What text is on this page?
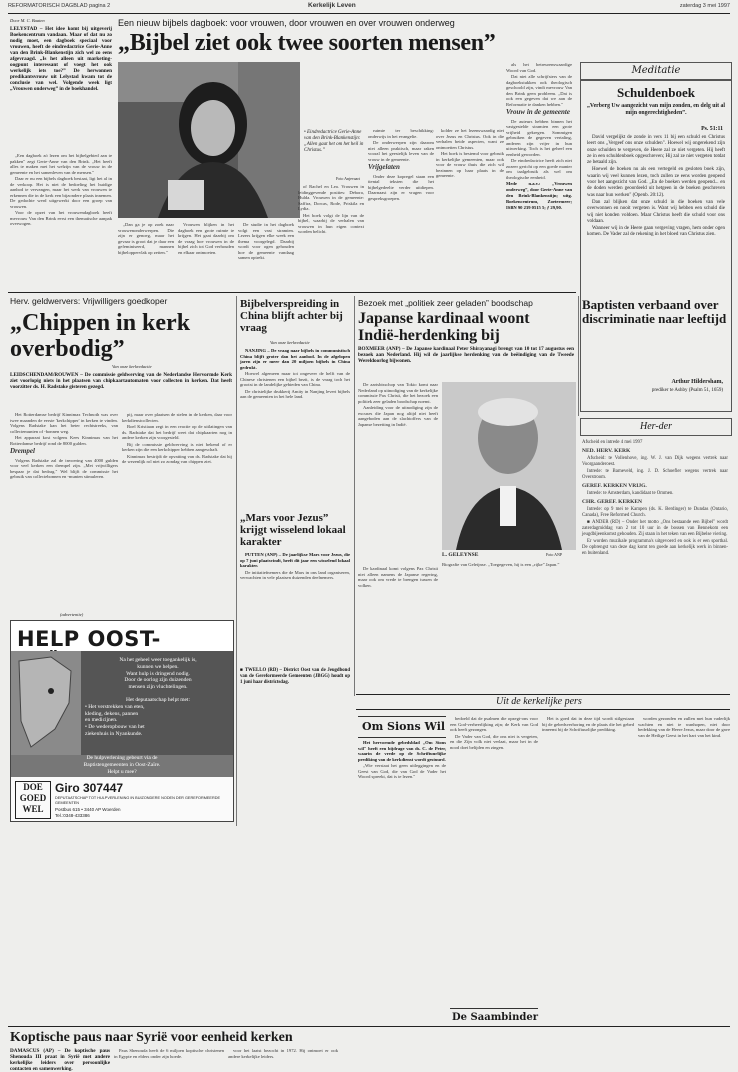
REFORMATORISCH DAGBLAD pagina 2	Kerkelijk Leven	zaterdag 3 mei 1997
Een nieuw bijbels dagboek: voor vrouwen, door vrouwen en over vrouwen onderweg
„Bijbel ziet ook twee soorten mensen”
Door M. C. Baaten
LELYSTAD – Het idee komt bij uitgeverij Boekencentrum vandaan. Maar of dat nu zo nodig moet, een dagboek speciaal voor vrouwen, heeft de eindredactrice Gerie-Anne van den Brink-Blankenstijn zich wel zo eens afgevraagd. „Is het alleen uit marketing-oogpunt interessant of voegt het ook werkelijk iets toe?” De herwonnen predikantsvrouw uit Lelystad kwam tot de conclusie van wel. Volgende week ligt „Vrouwen onderweg” in de boekhandel.

„Een dagboek zó lezen om het bijbelgebied aan te pakken" zegt Gerie-Anne van den Brink. „Het heeft alles te maken met het welzijn van de vrouw in de gemeente en het samenleven van de mensen."

Daar er nu een bijbels dagboek bestaat, ligt het al in de verkoop. Het is niet de bedoeling het huidige aanbod te vervangen, maar het werk van vrouwen te erkennen die in de kerk een bijzondere plaats innemen. De gedachte werd uitgewerkt door een groep van vrouwen.

Voor de opzet van het vrouwendagboek heeft mevrouw Van den Brink eerst een thematische aanpak overwogen.

• Eindredactrice Gerie-Anne van den Brink-Blankenstijn: „Allen gaat het om het heil in Christus.”
Foto Anjevaart

„Dan ga je op zoek naar vrouwenonderwerpen. Die zijn er genoeg, maar het gevaar is groot dat je daar een gefeminiseerd, mannen bijbeloppervlak op zetten."

Vrouwen blijken in het dagboek een grote ruimte te krijgen. Het gaat daarbij om de vraag hoe vrouwen in de bijbel zich tot God verhouden en elkaar ontmoeten.

De studie in het dagboek volgt een vast stramien. Lezers krijgen elke week een thema voorgelegd. Daarbij wordt voor ogen gehouden hoe de gemeente vandaag samen optrekt.

of Rachel en Lea. Vrouwen in leidinggevende posities: Debora, Hulda. Vrouwen in de gemeente: Saffira, Dorcas, Rode, Priskila en Lydia.

Het boek volgt de lijn van de bijbel, waarbij de verhalen van vrouwen in hun eigen context worden belicht.

ruimte ter beschikking: onderwijs in het evangelie.

De onderwerpen zijn daarom niet alleen praktisch, maar raken vooral het geestelijk leven van de vrouw in de gemeente.

Vrijgelaten

Onder deze kopregel staan een tiental teksten die het bijbelgedeelte verder uitdiepen. Daarnaast zijn er vragen voor gespreksgroepen.

kolder ze het lezenswaardig niet over Jezus en Christus. Ook in die verhalen beide aspecten, want ze ontmoetten Christus.

Het boek is bestemd voor gebruik in kerkelijke gemeenten, maar ook voor de vrouw thuis die zich wil bezinnen op haar plaats in de gemeente.

als het betreurenswaardige Woord van God.

Dat niet alle schrijfsters van de dagboekstukken ook theologisch geschoold zijn, vindt mevrouw Van den Brink geen probleem. „Dat is ook een gegeven dat we aan de Reformatie te danken hebben."

Vrouw in de gemeente

De auteurs hebben binnen het vastgestelde stramien een grote vrijheid gekregen. Sommigen gebruiken de gegeven vertaling, anderen zijn vrijer in hun uitwerking. Toch is het geheel een eenheid geworden.

De eindredactrice heeft zich niet zozeer gericht op een goede manier om taalgebruik als wel om theologische eenheid.

Mede n.a.v.: „Vrouwen onderweg”, door Gerie-Anne van den Brink-Blankenstijn; uitg. Boekencentrum, Zoetermeer; ISBN 90 239 0515 5; ƒ 29,90.

Meditatie
Schuldenboek
„Verberg Uw aangezicht van mijn zonden, en delg uit al mijn ongerechtigheden”.
Ps. 51:11

David vergelijkt de zonde in vers 11 bij een schuld en Christus leert ons „Vergeef ons onze schulden". Hoewel wij ongerekend zijn onze schulden te vergeven, de Heere zal ze niet vergeten. Hij heeft ze in een schuldenboek opgeschreven; Hij zal ze niet vergeten totdat ze betaald zijn.

Hoewel de boeken nu als een vertegeld en gesloten boek zijn, waarin wij veel kunnen lezen, toch zullen ze eens worden geopend voor het aangezicht van God. „En de boeken werden geopend... en de doden werden geoordeeld uit hetgeen in de boeken geschreven was naar hun werken" (Openb. 20:12).

Dan zal blijken dat onze schuld in die boeken van vele overwonnen en nooit vergeten is. Want wij hebben een schuld die wij niet konden voldoen. Maar Christus heeft die schuld voor ons voldaan.

Wanneer wij in de Heere gaan vergeving vragen, hem onder ogen komen. De Vader zal de rekening in het bloed van Christus zien.

Arthur Hildersham,
prediker te Ashby (Psalm 51, 1659)
Her-der

Afscheid en intrede 4 mei 1997

NED. HERV. KERK

Afscheid: te Vollenhove, ing. W. J. van Dijk wegens vertrek naar Voorgaanderoest.

Intrede: te Barneveld, ing. J. D. Schoefler wegens vertrek naar Overstroom.

GEREF. KERKEN VRIJG.

Intrede: te Amsterdam, kandidaat te Ommen.

CHR. GEREF. KERKEN

Intrede: op 9 mei te Kampen (ds. K. Berdinger) te Dundas (Ontario, Canada), Free Reformed Church.

■ ANDER (RD) – Onder het motto „Ons bestaande een Bijbel" wordt zaterdagmiddag van 2 tot 10 uur in de bossen van Bennekom een jeugdbijeenkomst gehouden. Zij staan in het teken van een Bijbelse viering.

Er worden muzikale programma's uitgevoerd en ook is er een sporthal. De opbrengst van deze dag komt ten goede aan kerkelijk werk in binnen- en buitenland.

Herv. geldwervers: Vrijwilligers goedkoper
„Chippen in kerk overbodig”
Van onze kerkredactie
LEIDSCHENDAM/ROUWEN – De commissie geldwerving van de Nederlandse Hervormde Kerk ziet voorlopig niets in het plaatsen van chipkaartautomaten voor collecten in kerken. Dat heeft voorzitter ds. H. Radstake gisteren gezegd.

Het Rotterdamse bedrijf Kinnimax Technoth was over twee maanden de eerste 'kerkchipper' in kerken te vinden. Volgens Radstake kan het beter rechtstreeks, van collectemunten of -bonnen weg.

Het apparaat kost volgens Kees Kinnimax van het Rotterdamse bedrijf rond de 8000 gulden.

Drempel

Volgens Radstake zal de invoering van 4000 gulden voor veel kerken een drempel zijn. „Met vrijwilligers bespaar je dat bedrag." Wel blijft de commissie het gebruik van collectebonnen en -munten stimuleren.

pij, maar over plaatsen de stelen in de kerken, daar voor kerkdienstcollecten.

Boel Kristiaan zegt in een reactie op de uitlatingen van ds. Radstake dat het bedrijf weet dat chipkaarten nog in andere kerken zijn voorgesteld.

Bij de commissie geldwerving is niet bekend of er kerken zijn die een kerkchipper hebben aangeschaft.

Kinnimax bestrijdt de opvatting van ds. Radstake dat hij de wezenlijk rol niet zo zondag van chippen ziet.

(advertentie)
HELP OOST-
Na het geheel weer toegankelijk is,
kunnen we helpen.
Want hulp is dringend nodig.
Door de oorlog zijn duizenden
mensen zijn vluchtelingen.
Het deputaatschap helpt met:
• Het verstrekken van eten,
kleding, dekens, pannen
en medicijnen.
• De wederopbouw van het
ziekenhuis in Nyankunde.
De hulpverlening gebeurt via de
Baptistengemeenten in Oost-Zaïre.
Helpt u mee?
DOE GOED WEL
Giro 307447
DEPUTAATSCHAP TOT HULPVERLENING IN BUIZONDERE NODEN DER GEREFORMEERDE GEMEENTEN
Postbus 615 • 3440 AP Woerden
Tel.:0348-433386
Bijbelverspreiding in China blijft achter bij vraag
Van onze kerkredactie

NANJING – De vraag naar bijbels in communistisch China blijft groter dan het aanbod. In de afgelopen jaren zijn er meer dan 20 miljoen bijbels in China gedrukt.

Hoewel algemeen maar tot ongeveer de helft van de Chinese christenen een bijbel bezit, is de vraag toch het grootst in de landelijke gebieden van China.

De christelijke drukkerij Amity in Nanjing levert bijbels aan de gemeenten in het hele land.

„Mars voor Jezus” krijgt wisselend lokaal karakter

PUTTEN (ANP) – De jaarlijkse Mars voor Jezus, die op 7 juni plaatsvindt, heeft dit jaar een wisselend lokaal karakter.

De initiatiefnemers die de Mars in ons land organiseren, verwachten in vele plaatsen duizenden deelnemers.

■ TWELLO (RD) – District Oost van de Jeugdbond van de Gereformeerde Gemeenten (JBGG) houdt op 1 juni haar districtsdag.

Bezoek met „politiek zeer geladen” boodschap
Japanse kardinaal woont Indië-herdenking bij

BOXMEER (ANP) – De Japanse kardinaal Peter Shirayanagi brengt van 10 tot 17 augustus een bezoek aan Nederland. Hij wil de jaarlijkse herdenking van de beëindiging van de Tweede Wereldoorlog bijwonen.

De aartsbisschop van Tokio komt naar Nederland op uitnodiging van de kerkelijke commissie Pax Christi, die het bezoek een politiek zeer geladen boodschap noemt.

Aanleiding voor de uitnodiging zijn de excuses die Japan nog altijd niet heeft aangeboden aan de slachtoffers van de Japanse bezetting in Indië.

L. GELEYNSE	Foto ANP
Biografie van Geleijnse. „Toegegeven, hij is een „rijke” Japan.”

De kardinaal komt volgens Pax Christi niet alleen namens de Japanse regering, maar ook om vrede te brengen tussen de volken.

Baptisten verbaand over discriminatie naar leeftijd
Uit de kerkelijke pers
Om Sions Wil

Het hervormde gebedsblad „Om Sions wil" heeft een bijdrage van ds. C. de Peter, waarin de vrede op de Schriftuurlijke prediking van de kerkdienst wordt gestuurd.

„Wie verstaat het geen uitleggingen en de Geest van God, die van God de Vader het Woord spreekt, dat is te lezen."

bedoeld dat de psalmen die opzegt-ons voor een God-verheerlijking zijn; de Kerk van God ook heeft gezongen.

De Vader van God, die ons niet is vergeten, en die Zijn volk niet verlaat, maar het in de nood doet belijden en zingen.

De Saambinder

Het is goed dat in deze tijd wordt stilgestaan bij de gebedsverhoring en de plaats die het gebed inneemt bij de Schriftuurlijke prediking.

worden gezonden en zullen met hun vaderlijk wachten en niet te wanhopen, niet door bedekking van de Heere Jezus, maar door de gave van de Heilige Geest in het hart van het kind.

Koptische paus naar Syrië voor eenheid kerken
DAMASCUS (AP) – De koptische paus Shenouda III praat in Syrië met andere kerkelijke leiders over persoonlijke contacten en samenwerking.

Paus Shenouda heeft de 6 miljoen koptische christenen in Egypte en elders onder zijn hoede.

voor het laatst bezocht in 1972. Hij ontmoet er ook andere kerkelijke leiders.
